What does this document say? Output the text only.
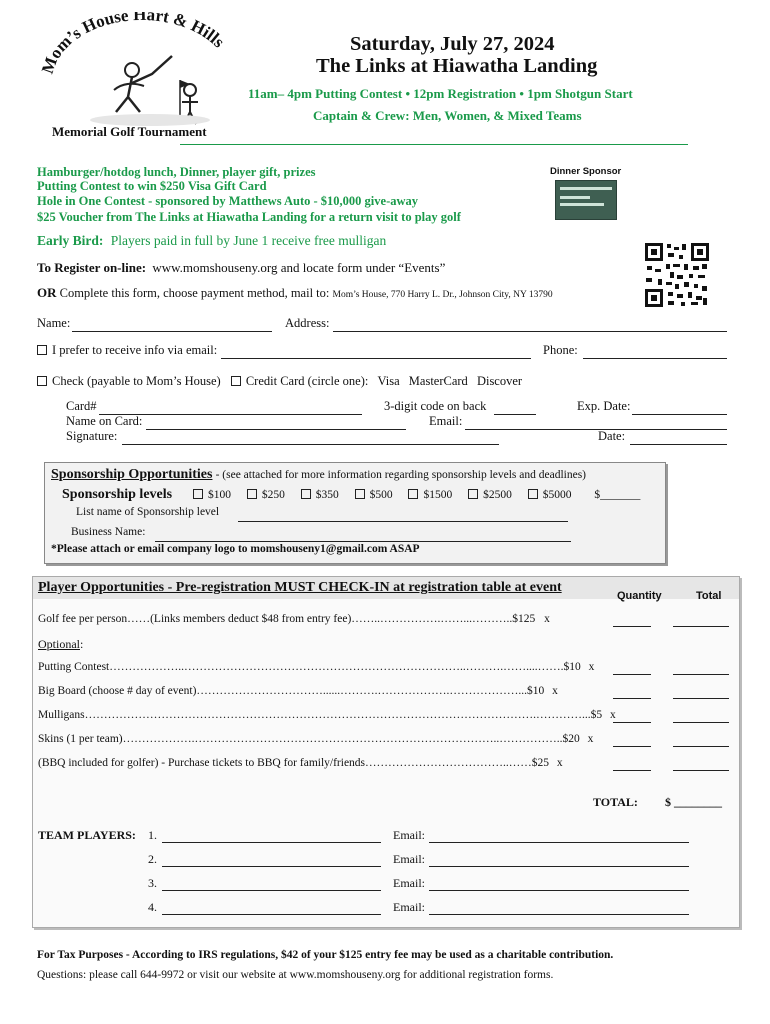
Mom’s House Hart & Hills
Memorial Golf Tournament
Saturday, July 27, 2024
The Links at Hiawatha Landing
11am– 4pm Putting Contest • 12pm Registration • 1pm Shotgun Start
Captain & Crew: Men, Women, & Mixed Teams
Hamburger/hotdog lunch, Dinner, player gift, prizes
Putting Contest to win $250 Visa Gift Card
Hole in One Contest - sponsored by Matthews Auto - $10,000 give-away
$25 Voucher from The Links at Hiawatha Landing for a return visit to play golf
Dinner Sponsor
Early Bird: Players paid in full by June 1 receive free mulligan
To Register on-line: www.momshouseny.org and locate form under “Events”
OR Complete this form, choose payment method, mail to: Mom’s House, 770 Harry L. Dr., Johnson City, NY 13790
Name:	Address:
I prefer to receive info via email:	Phone:
Check (payable to Mom’s House) Credit Card (circle one): Visa MasterCard Discover
Card#	3-digit code on back	Exp. Date:
Name on Card:	Email:
Signature:	Date:
Sponsorship Opportunities - (see attached for more information regarding sponsorship levels and deadlines)
Sponsorship levels	$100	$250	$350	$500	$1500	$2500	$5000 $_______
List name of Sponsorship level
Business Name:
*Please attach or email company logo to momshouseny1@gmail.com ASAP
Player Opportunities - Pre-registration MUST CHECK-IN at registration table at event
Quantity	Total
Golf fee per person……(Links members deduct $48 from entry fee)……..…………….……...………..$125 x
Optional:
Putting Contest………………..………………………………………………………………..……….……....…….$10 x
Big Board (choose # day of event)……………………………......……….……………….………………...$10 x
Mulligans……………………………………………………………………………………………………….…………...$5 x
Skins (1 per team)……………….……………………………………………………………………..……………..$20 x
(BBQ included for golfer) - Purchase tickets to BBQ for family/friends………………………………..……$25 x
TOTAL: $ ________
TEAM PLAYERS: 1.	Email:
2.	Email:
3.	Email:
4.	Email:
For Tax Purposes - According to IRS regulations, $42 of your $125 entry fee may be used as a charitable contribution.
Questions: please call 644-9972 or visit our website at www.momshouseny.org for additional registration forms.
